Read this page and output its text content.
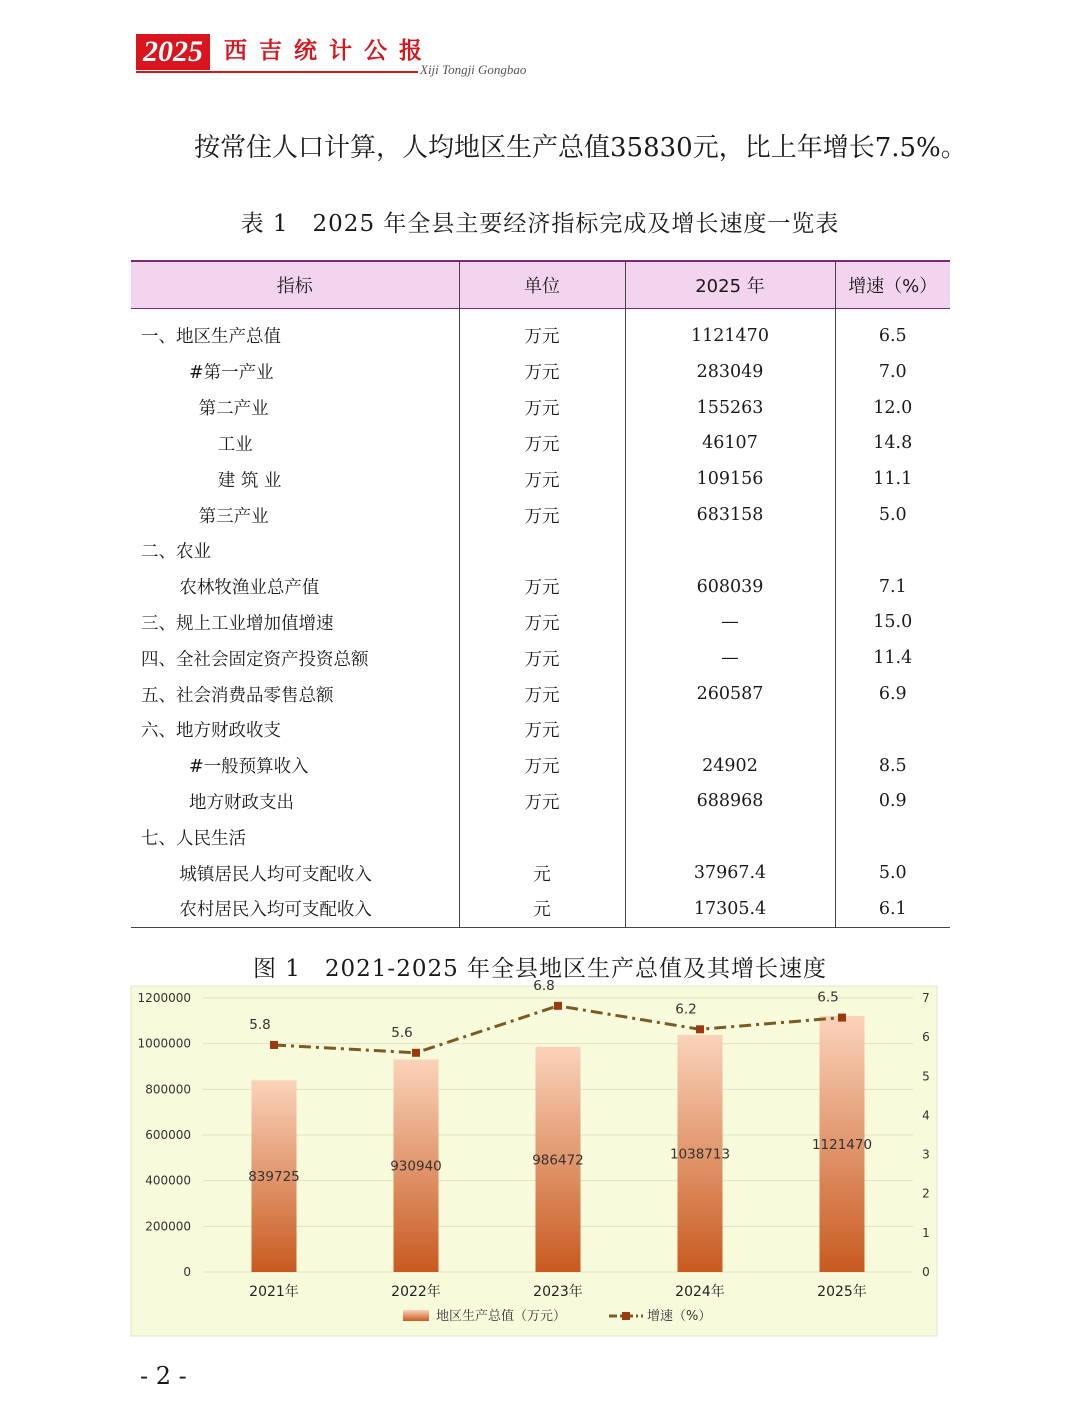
2025 西吉统计公报
Xiji Tongji Gongbao
按常住人口计算，人均地区生产总值35830元，比上年增长7.5%。
表 1　2025 年全县主要经济指标完成及增长速度一览表
指标	单位	2025 年	增速（%）
一、地区生产总值	万元	1121470	6.5
#第一产业	万元	283049	7.0
第二产业	万元	155263	12.0
工业	万元	46107	14.8
建 筑 业	万元	109156	11.1
第三产业	万元	683158	5.0
二、农业			
农林牧渔业总产值	万元	608039	7.1
三、规上工业增加值增速	万元	—	15.0
四、全社会固定资产投资总额	万元	—	11.4
五、社会消费品零售总额	万元	260587	6.9
六、地方财政收支	万元		
#一般预算收入	万元	24902	8.5
地方财政支出	万元	688968	0.9
七、人民生活			
城镇居民人均可支配收入	元	37967.4	5.0
农村居民入均可支配收入	元	17305.4	6.1
图 1　2021-2025 年全县地区生产总值及其增长速度
0
200000
400000
600000
800000
1000000
1200000
0
1
2
3
4
5
6
7
839725
2021年
930940
2022年
986472
2023年
1038713
2024年
1121470
2025年
5.8	5.6
6.8
6.2
6.5
地区生产总值（万元）	增速（%）
- 2 -
